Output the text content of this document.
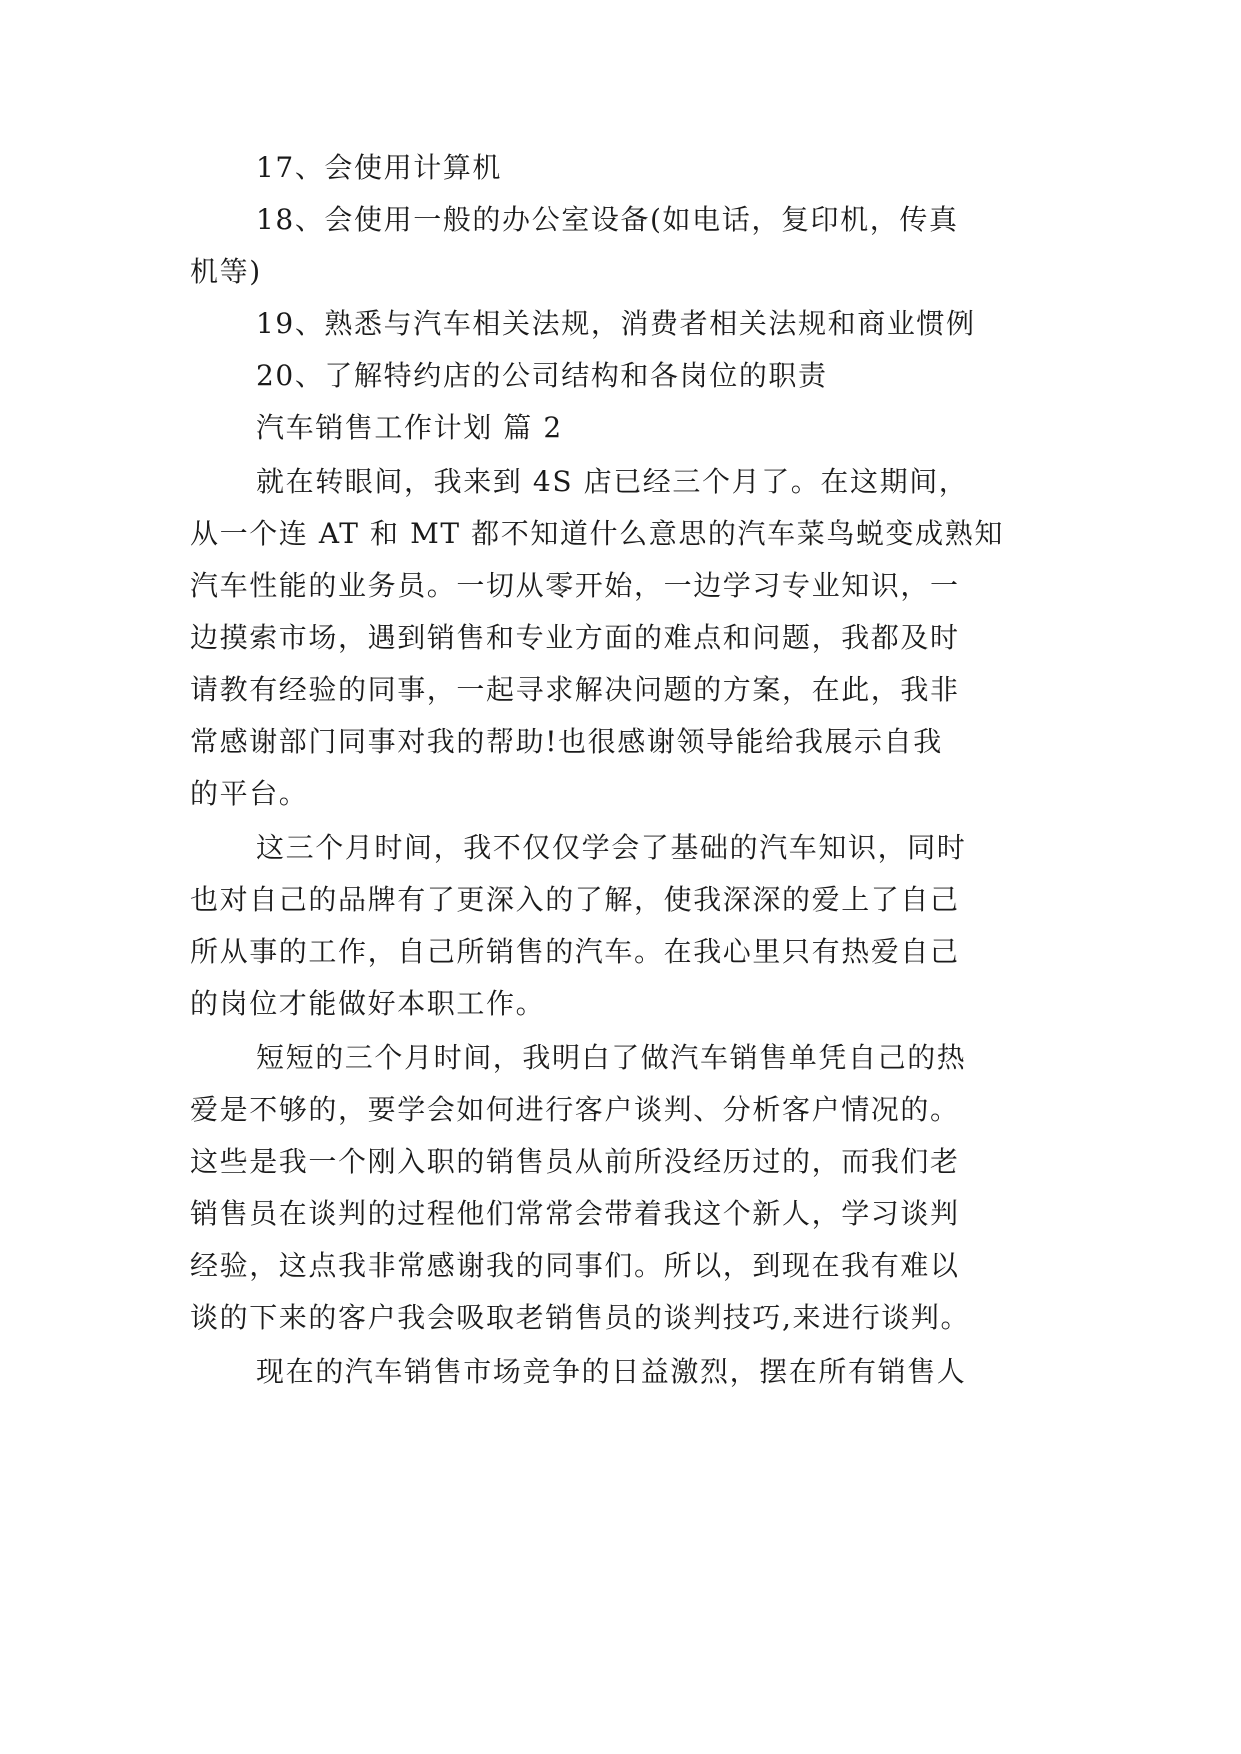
17、会使用计算机
18、会使用一般的办公室设备(如电话，复印机，传真
机等)
19、熟悉与汽车相关法规，消费者相关法规和商业惯例
20、了解特约店的公司结构和各岗位的职责
汽车销售工作计划 篇 2
就在转眼间，我来到 4S 店已经三个月了。在这期间，
从一个连 AT 和 MT 都不知道什么意思的汽车菜鸟蜕变成熟知
汽车性能的业务员。一切从零开始，一边学习专业知识，一
边摸索市场，遇到销售和专业方面的难点和问题，我都及时
请教有经验的同事，一起寻求解决问题的方案，在此，我非
常感谢部门同事对我的帮助!也很感谢领导能给我展示自我
的平台。
这三个月时间，我不仅仅学会了基础的汽车知识，同时
也对自己的品牌有了更深入的了解，使我深深的爱上了自己
所从事的工作，自己所销售的汽车。在我心里只有热爱自己
的岗位才能做好本职工作。
短短的三个月时间，我明白了做汽车销售单凭自己的热
爱是不够的，要学会如何进行客户谈判、分析客户情况的。
这些是我一个刚入职的销售员从前所没经历过的，而我们老
销售员在谈判的过程他们常常会带着我这个新人，学习谈判
经验，这点我非常感谢我的同事们。所以，到现在我有难以
谈的下来的客户我会吸取老销售员的谈判技巧,来进行谈判。
现在的汽车销售市场竞争的日益激烈，摆在所有销售人
